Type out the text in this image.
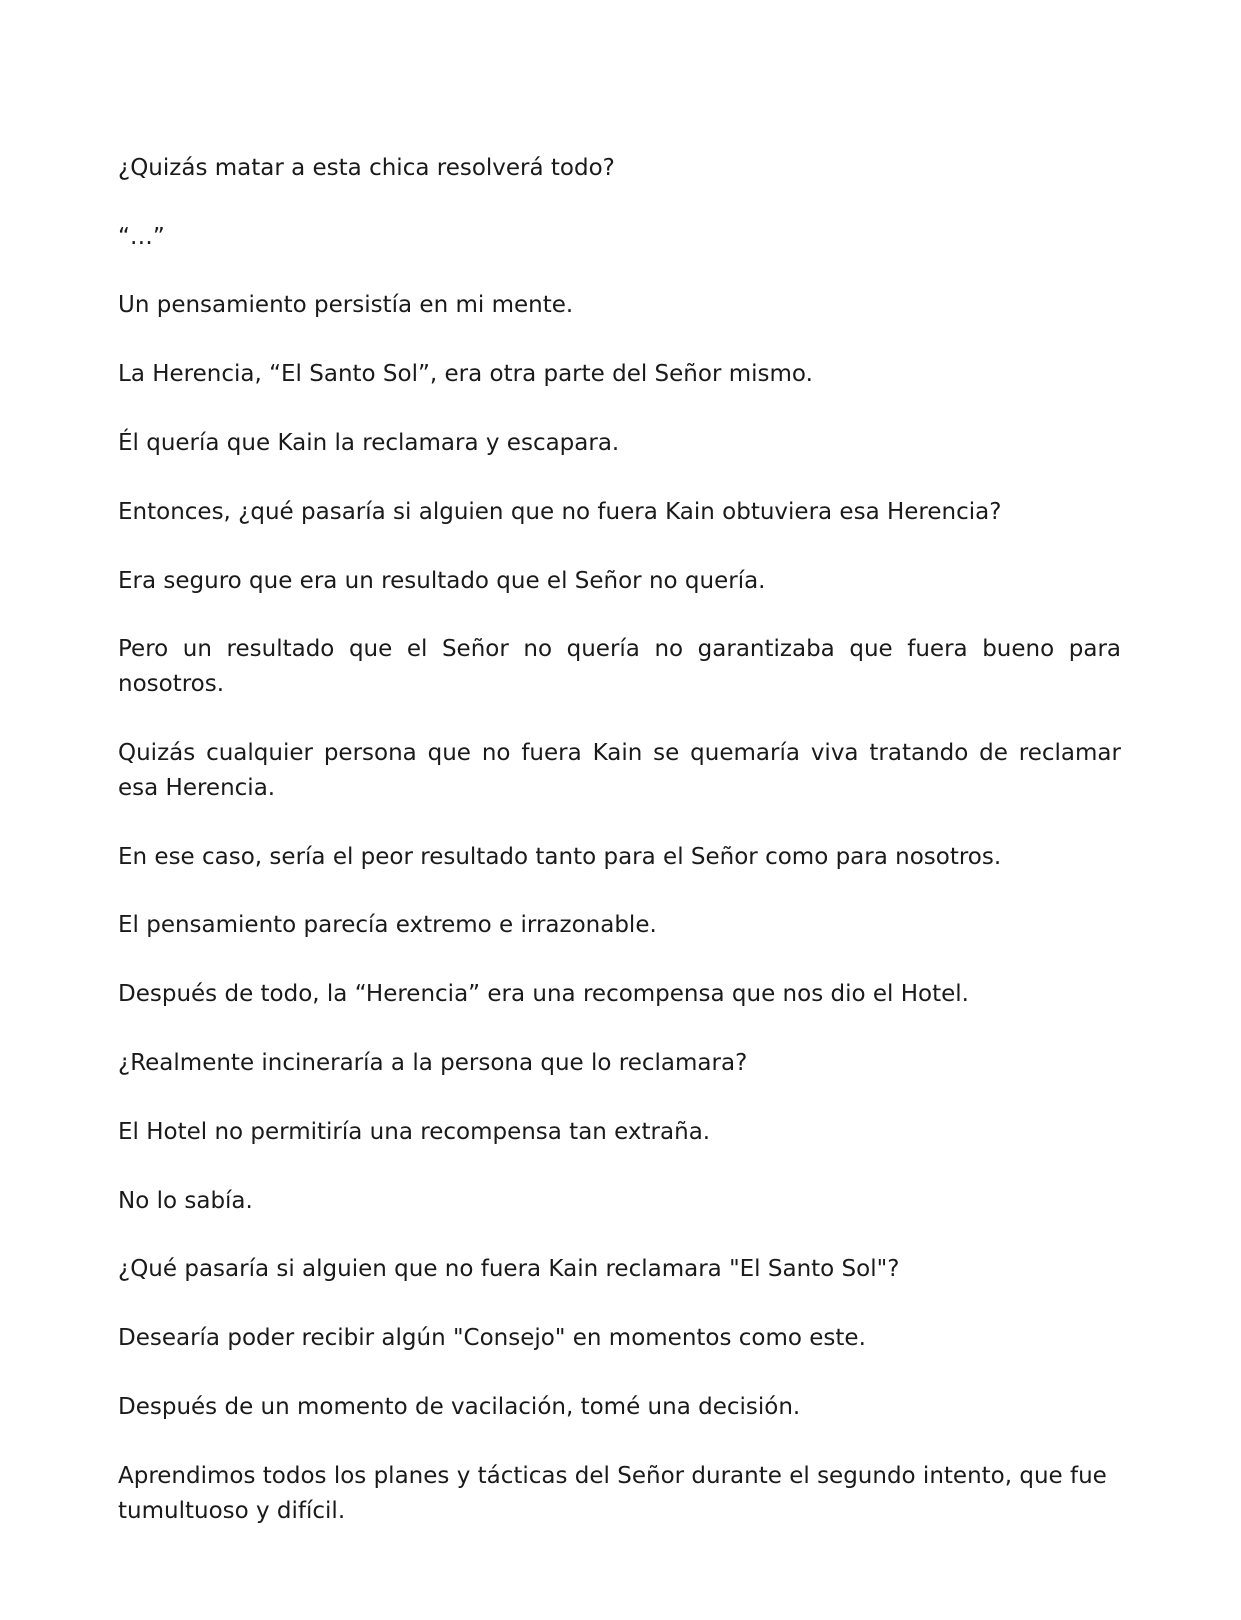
¿Quizás matar a esta chica resolverá todo?

“…”

Un pensamiento persistía en mi mente.

La Herencia, “El Santo Sol”, era otra parte del Señor mismo.

Él quería que Kain la reclamara y escapara.

Entonces, ¿qué pasaría si alguien que no fuera Kain obtuviera esa Herencia?

Era seguro que era un resultado que el Señor no quería.

Pero un resultado que el Señor no quería no garantizaba que fuera bueno para nosotros.

Quizás cualquier persona que no fuera Kain se quemaría viva tratando de reclamar esa Herencia.

En ese caso, sería el peor resultado tanto para el Señor como para nosotros.

El pensamiento parecía extremo e irrazonable.

Después de todo, la “Herencia” era una recompensa que nos dio el Hotel.

¿Realmente incineraría a la persona que lo reclamara?

El Hotel no permitiría una recompensa tan extraña.

No lo sabía.

¿Qué pasaría si alguien que no fuera Kain reclamara "El Santo Sol"?

Desearía poder recibir algún "Consejo" en momentos como este.

Después de un momento de vacilación, tomé una decisión.

Aprendimos todos los planes y tácticas del Señor durante el segundo intento, que fue tumultuoso y difícil.
